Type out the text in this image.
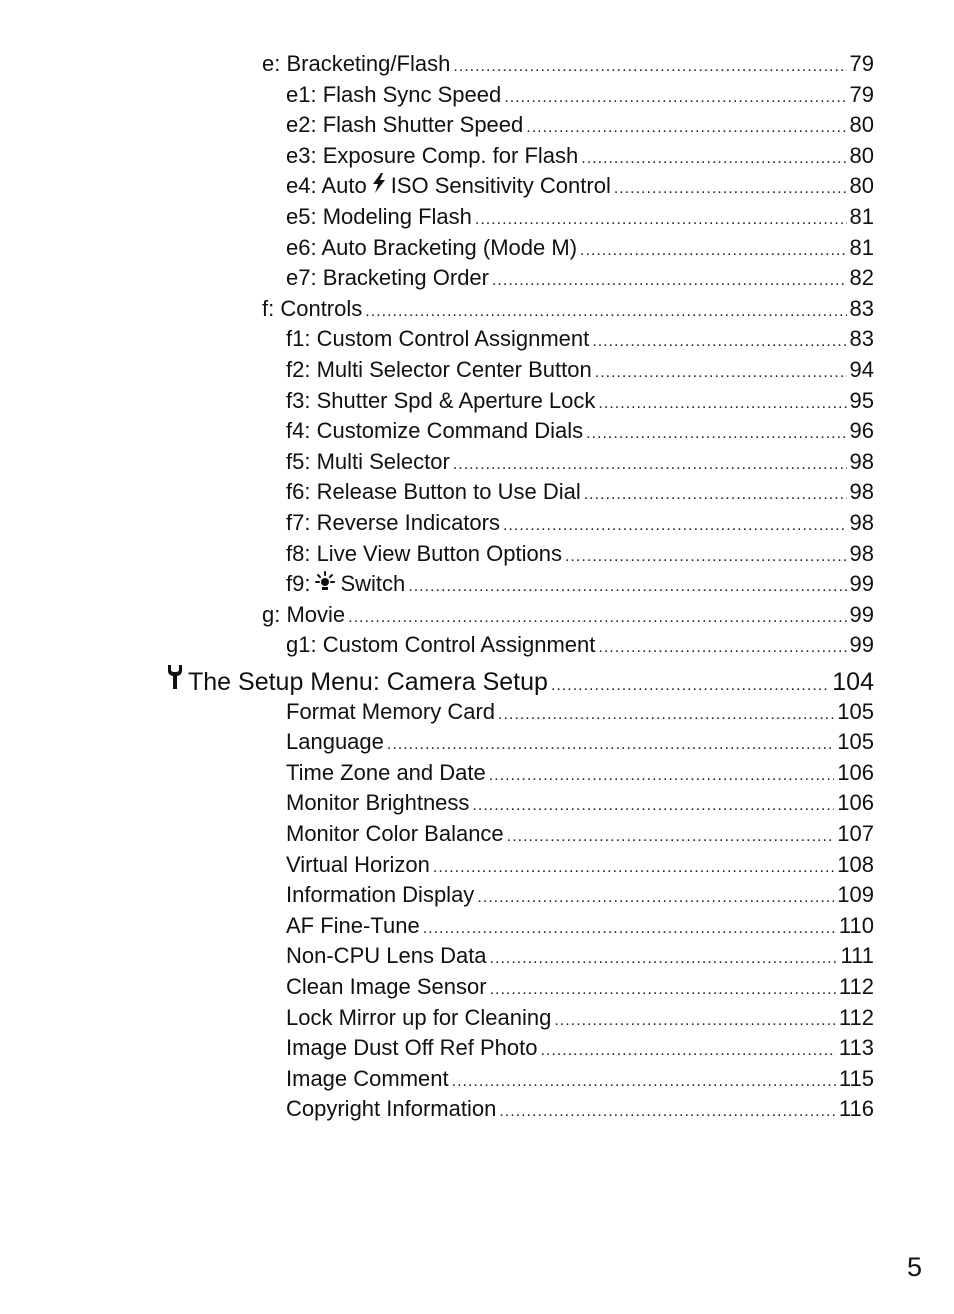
e: Bracketing/Flash .....	79
e1: Flash Sync Speed .....	79
e2: Flash Shutter Speed .....	80
e3: Exposure Comp. for Flash .....	80
e4: Auto ISO Sensitivity Control .....	80
e5: Modeling Flash .....	81
e6: Auto Bracketing (Mode M) .....	81
e7: Bracketing Order .....	82
f: Controls .....	83
f1: Custom Control Assignment .....	83
f2: Multi Selector Center Button .....	94
f3: Shutter Spd & Aperture Lock .....	95
f4: Customize Command Dials .....	96
f5: Multi Selector .....	98
f6: Release Button to Use Dial .....	98
f7: Reverse Indicators .....	98
f8: Live View Button Options .....	98
f9: Switch .....	99
g: Movie .....	99
g1: Custom Control Assignment .....	99
The Setup Menu: Camera Setup .....	104
Format Memory Card .....	105
Language .....	105
Time Zone and Date .....	106
Monitor Brightness .....	106
Monitor Color Balance .....	107
Virtual Horizon .....	108
Information Display .....	109
AF Fine-Tune .....	110
Non-CPU Lens Data .....	111
Clean Image Sensor .....	112
Lock Mirror up for Cleaning .....	112
Image Dust Off Ref Photo .....	113
Image Comment .....	115
Copyright Information .....	116
5
